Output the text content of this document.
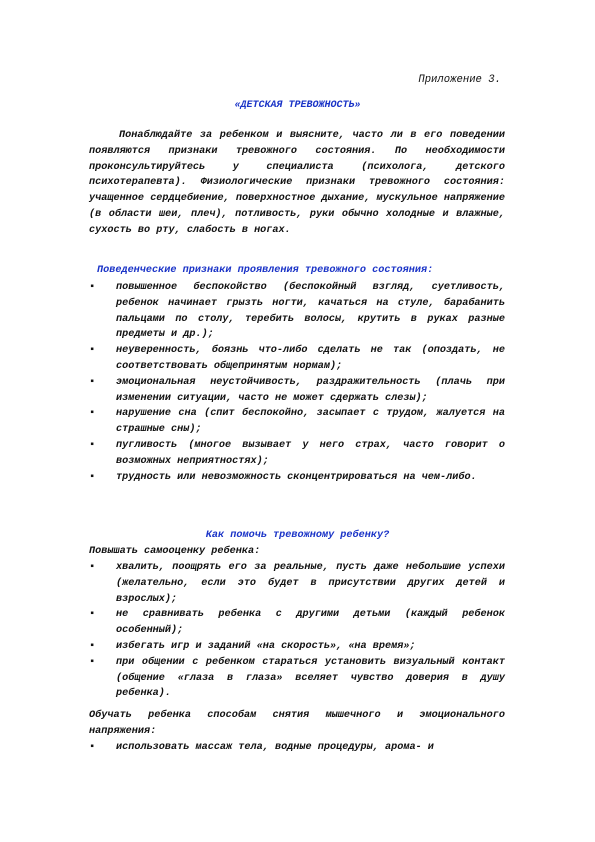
Приложение 3.
«ДЕТСКАЯ ТРЕВОЖНОСТЬ»
Понаблюдайте за ребенком и выясните, часто ли в его поведении появляются признаки тревожного состояния. По необходимости проконсультируйтесь у специалиста (психолога, детского психотерапевта). Физиологические признаки тревожного состояния: учащенное сердцебиение, поверхностное дыхание, мускульное напряжение (в области шеи, плеч), потливость, руки обычно холодные и влажные, сухость во рту, слабость в ногах.
Поведенческие признаки проявления тревожного состояния:
▪ повышенное беспокойство (беспокойный взгляд, суетливость, ребенок начинает грызть ногти, качаться на стуле, барабанить пальцами по столу, теребить волосы, крутить в руках разные предметы и др.);
▪ неуверенность, боязнь что-либо сделать не так (опоздать, не соответствовать общепринятым нормам);
▪ эмоциональная неустойчивость, раздражительность (плачь при изменении ситуации, часто не может сдержать слезы);
▪ нарушение сна (спит беспокойно, засыпает с трудом, жалуется на страшные сны);
▪ пугливость (многое вызывает у него страх, часто говорит о возможных неприятностях);
▪ трудность или невозможность сконцентрироваться на чем-либо.
Как помочь тревожному ребенку?
Повышать самооценку ребенка:
▪ хвалить, поощрять его за реальные, пусть даже небольшие успехи (желательно, если это будет в присутствии других детей и взрослых);
▪ не сравнивать ребенка с другими детьми (каждый ребенок особенный);
▪ избегать игр и заданий «на скорость», «на время»;
▪ при общении с ребенком стараться установить визуальный контакт (общение «глаза в глаза» вселяет чувство доверия в душу ребенка).
Обучать ребенка способам снятия мышечного и эмоционального напряжения:
▪ использовать массаж тела, водные процедуры, арома- и
